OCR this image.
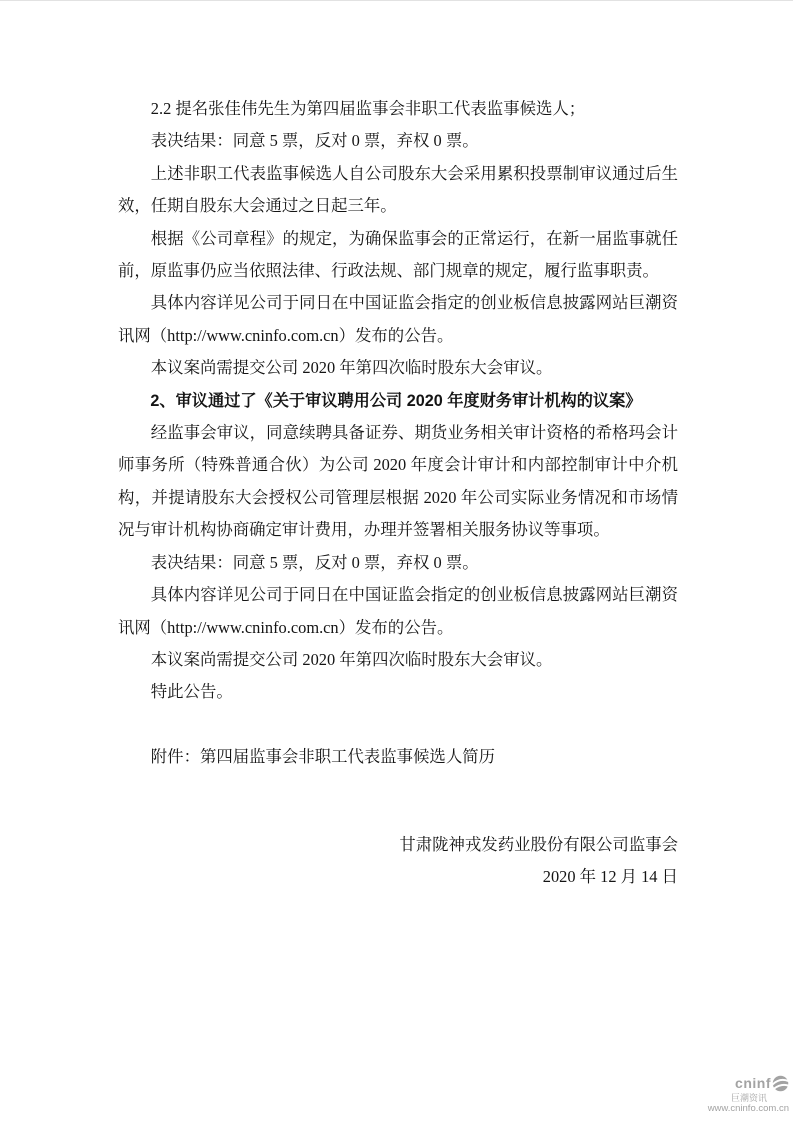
2.2 提名张佳伟先生为第四届监事会非职工代表监事候选人；

表决结果：同意 5 票，反对 0 票，弃权 0 票。

上述非职工代表监事候选人自公司股东大会采用累积投票制审议通过后生效，任期自股东大会通过之日起三年。

根据《公司章程》的规定，为确保监事会的正常运行，在新一届监事就任前，原监事仍应当依照法律、行政法规、部门规章的规定，履行监事职责。

具体内容详见公司于同日在中国证监会指定的创业板信息披露网站巨潮资讯网（http://www.cninfo.com.cn）发布的公告。

本议案尚需提交公司 2020 年第四次临时股东大会审议。

2、审议通过了《关于审议聘用公司 2020 年度财务审计机构的议案》

经监事会审议，同意续聘具备证券、期货业务相关审计资格的希格玛会计师事务所（特殊普通合伙）为公司 2020 年度会计审计和内部控制审计中介机构，并提请股东大会授权公司管理层根据 2020 年公司实际业务情况和市场情况与审计机构协商确定审计费用，办理并签署相关服务协议等事项。

表决结果：同意 5 票，反对 0 票，弃权 0 票。

具体内容详见公司于同日在中国证监会指定的创业板信息披露网站巨潮资讯网（http://www.cninfo.com.cn）发布的公告。

本议案尚需提交公司 2020 年第四次临时股东大会审议。

特此公告。

附件：第四届监事会非职工代表监事候选人简历

甘肃陇神戎发药业股份有限公司监事会

2020 年 12 月 14 日

cninf
巨潮资讯
www.cninfo.com.cn
